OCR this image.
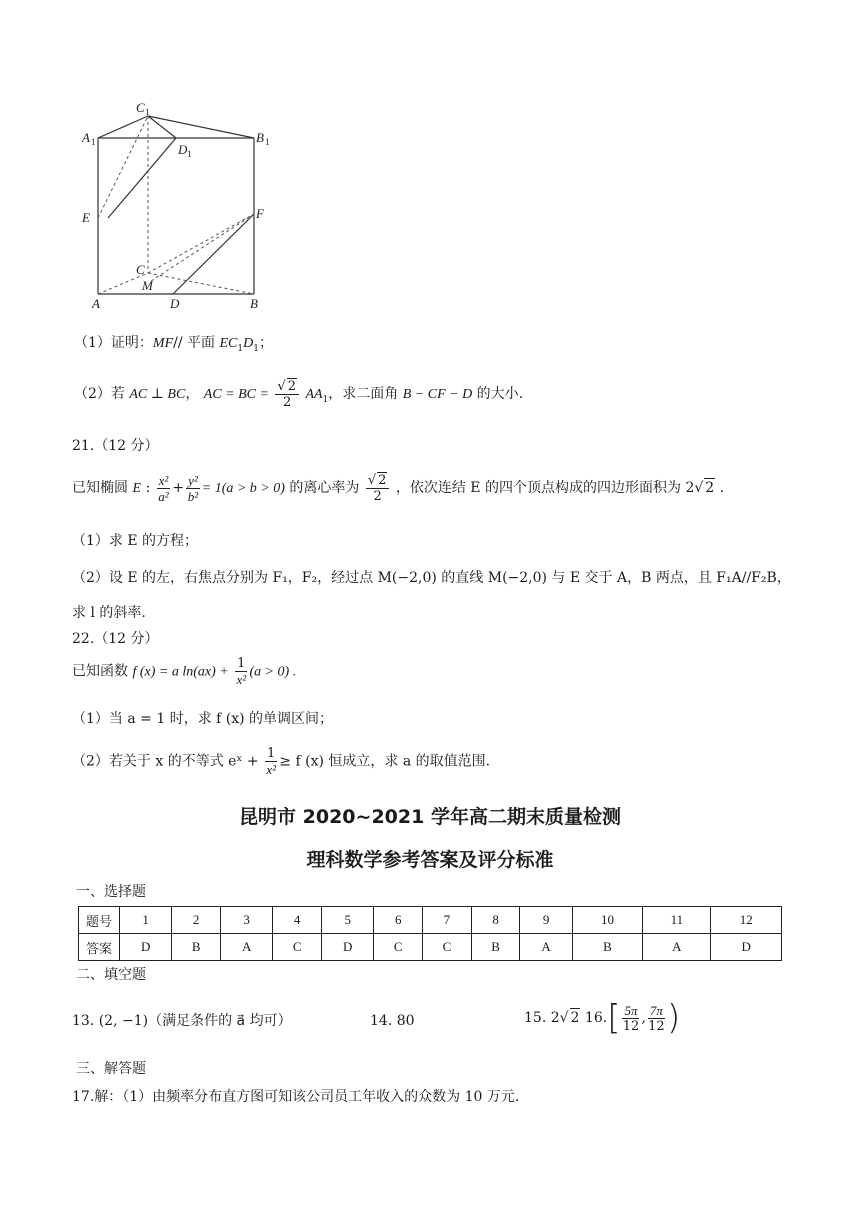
C 1
A 1	D 1
B 1
E	F
C
M
A	D	B
（1）证明：MF// 平面 $EC_1D_1$；
（2）若 AC ⊥ BC， AC = BC = $\frac{√ 2}{2} AA_1$，求二面角 B − CF − D 的大小.
21.（12 分）
已知椭圆 E : $\frac{\text{x²}}{\text{a²}} + \frac{\text{y²}}{\text{b²}} = 1(a > b > 0)$ 的离心率为 $\frac{√ 2}{2}$ ，依次连结 E 的四个顶点构成的四边形面积为 2√ 2 .
（1）求 E 的方程；
（2）设 E 的左，右焦点分别为 F₁，F₂，经过点 M(−2,0) 的直线 M(−2,0) 与 E 交于 A，B 两点，且 F₁A//F₂B，
求 l 的斜率.
22.（12 分）
已知函数 f (x) = a $\ln(ax) + \frac{1}{\text{x²}} (a > 0)$ .
（1）当 a = 1 时，求 f (x) 的单调区间；
（2）若关于 x 的不等式 eˣ + $\frac{1}{\text{x²}} \ge f$ (x) 恒成立，求 a 的取值范围.
昆明市 2020~2021 学年高二期末质量检测
理科数学参考答案及评分标准
一、选择题
题号	1	2	3	4	5	6	7	8	9	10	11	12
答案	D	B	A	C	D	C	C	B	A	B	A	D
二、填空题
13. (2, −1)（满足条件的 a⃗ 均可）	14. 80	15. 2√ 2 $16.[ \frac{5\pi}{12}$ , $\frac{7\pi}{12}$ )
三、解答题
17.解：（1）由频率分布直方图可知该公司员工年收入的众数为 10 万元.
